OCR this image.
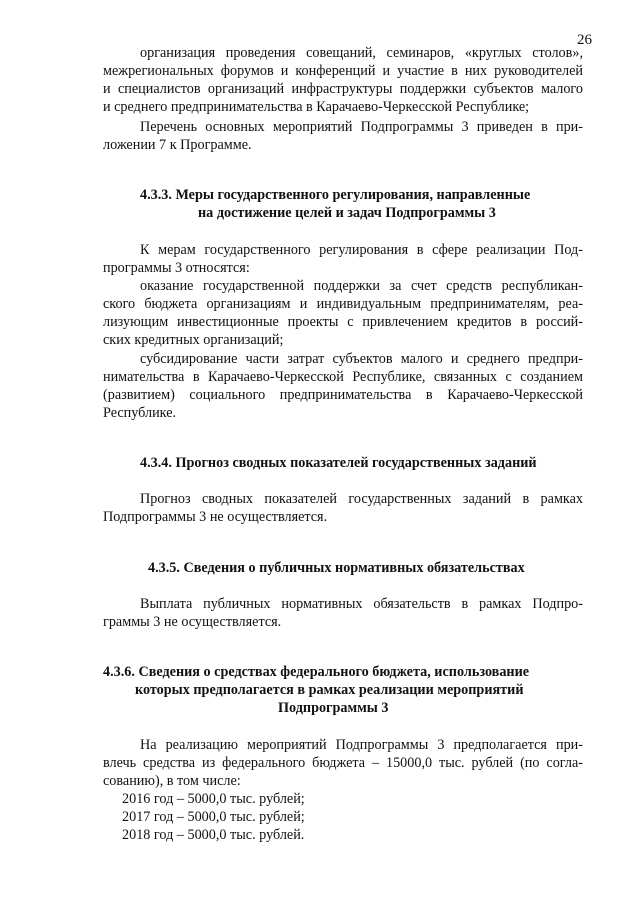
26
организация проведения совещаний, семинаров, «круглых столов»,
межрегиональных форумов и конференций и участие в них руководителей
и специалистов организаций инфраструктуры поддержки субъектов малого
и среднего предпринимательства в Карачаево-Черкесской Республике;
Перечень основных мероприятий Подпрограммы 3 приведен в при-
ложении 7 к Программе.
4.3.3. Меры государственного регулирования, направленные
на достижение целей и задач Подпрограммы 3
К мерам государственного регулирования в сфере реализации Под-
программы 3 относятся:
оказание государственной поддержки за счет средств республикан-
ского бюджета организациям и индивидуальным предпринимателям, реа-
лизующим инвестиционные проекты с привлечением кредитов в россий-
ских кредитных организаций;
субсидирование части затрат субъектов малого и среднего предпри-
нимательства в Карачаево-Черкесской Республике, связанных с созданием
(развитием) социального предпринимательства в Карачаево-Черкесской
Республике.
4.3.4. Прогноз сводных показателей государственных заданий
Прогноз сводных показателей государственных заданий в рамках
Подпрограммы 3 не осуществляется.
4.3.5. Сведения о публичных нормативных обязательствах
Выплата публичных нормативных обязательств в рамках Подпро-
граммы 3 не осуществляется.
4.3.6. Сведения о средствах федерального бюджета, использование
которых предполагается в рамках реализации мероприятий
Подпрограммы 3
На реализацию мероприятий Подпрограммы 3 предполагается при-
влечь средства из федерального бюджета – 15000,0 тыс. рублей (по согла-
сованию), в том числе:
2016 год – 5000,0 тыс. рублей;
2017 год – 5000,0 тыс. рублей;
2018 год – 5000,0 тыс. рублей.
